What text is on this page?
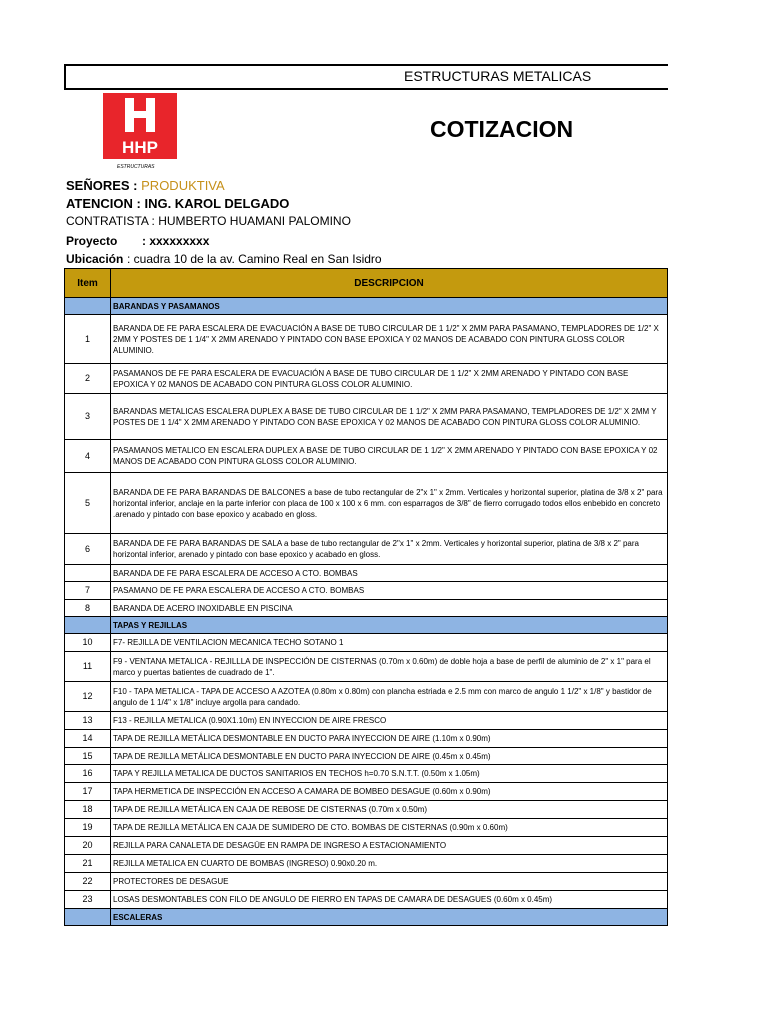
ESTRUCTURAS METALICAS
HHP
ESTRUCTURAS
COTIZACION
SEÑORES : PRODUKTIVA
ATENCION : ING. KAROL DELGADO
CONTRATISTA : HUMBERTO HUAMANI PALOMINO
Proyecto : xxxxxxxxx
Ubicación : cuadra 10 de la av. Camino Real en San Isidro
Item	DESCRIPCION
	BARANDAS Y PASAMANOS
1	BARANDA DE FE PARA ESCALERA DE EVACUACIÓN A BASE DE TUBO CIRCULAR DE 1 1/2" X 2MM PARA PASAMANO, TEMPLADORES DE 1/2" X 2MM Y POSTES DE 1 1/4" X 2MM ARENADO Y PINTADO CON BASE EPOXICA Y 02 MANOS DE ACABADO CON PINTURA GLOSS COLOR ALUMINIO.
2	PASAMANOS DE FE PARA ESCALERA DE EVACUACIÓN A BASE DE TUBO CIRCULAR DE 1 1/2" X 2MM ARENADO Y PINTADO CON BASE EPOXICA Y 02 MANOS DE ACABADO CON PINTURA GLOSS COLOR ALUMINIO.
3	BARANDAS METALICAS ESCALERA DUPLEX A BASE DE TUBO CIRCULAR DE 1 1/2" X 2MM PARA PASAMANO, TEMPLADORES DE 1/2" X 2MM Y POSTES DE 1 1/4" X 2MM ARENADO Y PINTADO CON BASE EPOXICA Y 02 MANOS DE ACABADO CON PINTURA GLOSS COLOR ALUMINIO.
4	PASAMANOS METALICO EN ESCALERA DUPLEX A BASE DE TUBO CIRCULAR DE 1 1/2" X 2MM ARENADO Y PINTADO CON BASE EPOXICA Y 02 MANOS DE ACABADO CON PINTURA GLOSS COLOR ALUMINIO.
5	BARANDA DE FE PARA BARANDAS DE BALCONES a base de tubo rectangular de 2"x 1" x 2mm. Verticales y horizontal superior, platina de 3/8 x 2" para horizontal inferior, anclaje en la parte inferior con placa de 100 x 100 x 6 mm. con esparragos de 3/8" de fierro corrugado todos ellos enbebido en concreto .arenado y pintado con base epoxico y acabado en gloss.
6	BARANDA DE FE PARA BARANDAS DE SALA a base de tubo rectangular de 2"x 1" x 2mm. Verticales y horizontal superior, platina de 3/8 x 2" para horizontal inferior, arenado y pintado con base epoxico y acabado en gloss.
	BARANDA DE FE PARA ESCALERA DE ACCESO A CTO. BOMBAS
7	PASAMANO DE FE PARA ESCALERA DE ACCESO A CTO. BOMBAS
8	BARANDA DE ACERO INOXIDABLE EN PISCINA
	TAPAS Y REJILLAS
10	F7- REJILLA DE VENTILACION MECANICA TECHO SOTANO 1
11	F9 - VENTANA METALICA - REJILLLA DE INSPECCIÓN DE CISTERNAS (0.70m x 0.60m) de doble hoja a base de perfil de aluminio de 2" x 1" para el marco y puertas batientes de cuadrado de 1".
12	F10 - TAPA METALICA - TAPA DE ACCESO A AZOTEA (0.80m x 0.80m) con plancha estriada e 2.5 mm con marco de angulo 1 1/2" x 1/8" y bastidor de angulo de 1 1/4" x 1/8" incluye argolla para candado.
13	F13 - REJILLA METALICA (0.90X1.10m) EN INYECCION DE AIRE FRESCO
14	TAPA DE REJILLA METÁLICA DESMONTABLE EN DUCTO PARA INYECCION DE AIRE (1.10m x 0.90m)
15	TAPA DE REJILLA METÁLICA DESMONTABLE EN DUCTO PARA INYECCION DE AIRE (0.45m x 0.45m)
16	TAPA Y REJILLA METALICA DE DUCTOS SANITARIOS EN TECHOS h=0.70 S.N.T.T. (0.50m x 1.05m)
17	TAPA HERMETICA DE INSPECCIÓN EN ACCESO A CAMARA DE BOMBEO DESAGUE (0.60m x 0.90m)
18	TAPA DE REJILLA METÁLICA EN CAJA DE REBOSE DE CISTERNAS (0.70m x 0.50m)
19	TAPA DE REJILLA METÁLICA EN CAJA DE SUMIDERO DE CTO. BOMBAS DE CISTERNAS (0.90m x 0.60m)
20	REJILLA PARA CANALETA DE DESAGÜE EN RAMPA DE INGRESO A ESTACIONAMIENTO
21	REJILLA METALICA EN CUARTO DE BOMBAS (INGRESO) 0.90x0.20 m.
22	PROTECTORES DE DESAGUE
23	LOSAS DESMONTABLES CON FILO DE ANGULO DE FIERRO EN TAPAS DE CAMARA DE DESAGUES (0.60m x 0.45m)
	ESCALERAS
